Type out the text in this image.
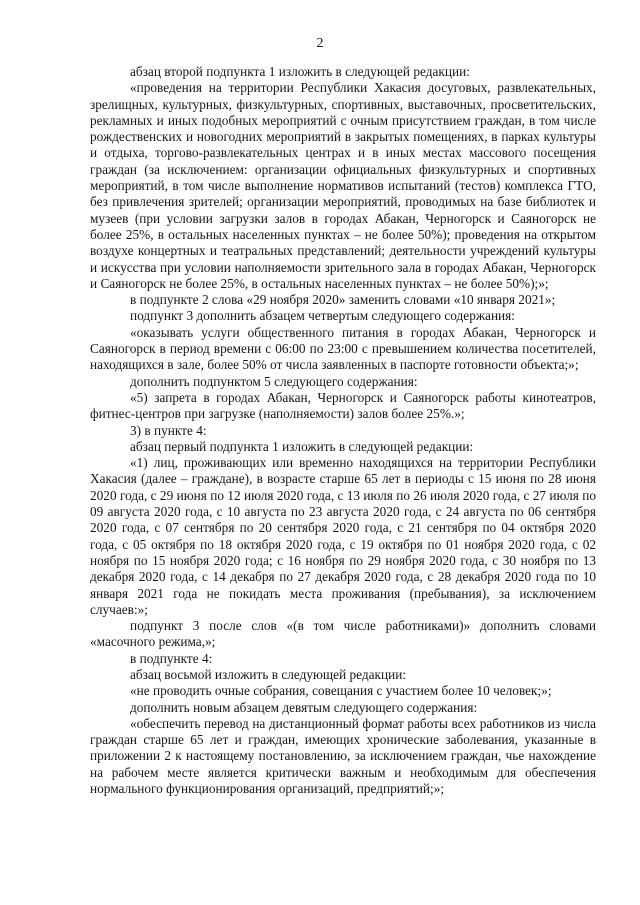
2

абзац второй подпункта 1 изложить в следующей редакции:

«проведения на территории Республики Хакасия досуговых, развлекательных, зрелищных, культурных, физкультурных, спортивных, выставочных, просветительских, рекламных и иных подобных мероприятий с очным присутствием граждан, в том числе рождественских и новогодних мероприятий в закрытых помещениях, в парках культуры и отдыха, торгово-развлекательных центрах и в иных местах массового посещения граждан (за исключением: организации официальных физкультурных и спортивных мероприятий, в том числе выполнение нормативов испытаний (тестов) комплекса ГТО, без привлечения зрителей; организации мероприятий, проводимых на базе библиотек и музеев (при условии загрузки залов в городах Абакан, Черногорск и Саяногорск не более 25%, в остальных населенных пунктах – не более 50%); проведения на открытом воздухе концертных и театральных представлений; деятельности учреждений культуры и искусства при условии наполняемости зрительного зала в городах Абакан, Черногорск и Саяногорск не более 25%, в остальных населенных пунктах – не более 50%);»;

в подпункте 2 слова «29 ноября 2020» заменить словами «10 января 2021»;

подпункт 3 дополнить абзацем четвертым следующего содержания:

«оказывать услуги общественного питания в городах Абакан, Черногорск и Саяногорск в период времени с 06:00 по 23:00 с превышением количества посетителей, находящихся в зале, более 50% от числа заявленных в паспорте готовности объекта;»;

дополнить подпунктом 5 следующего содержания:

«5) запрета в городах Абакан, Черногорск и Саяногорск работы кинотеатров, фитнес-центров при загрузке (наполняемости) залов более 25%.»;

3) в пункте 4:

абзац первый подпункта 1 изложить в следующей редакции:

«1) лиц, проживающих или временно находящихся на территории Республики Хакасия (далее – граждане), в возрасте старше 65 лет в периоды с 15 июня по 28 июня 2020 года, с 29 июня по 12 июля 2020 года, с 13 июля по 26 июля 2020 года, с 27 июля по 09 августа 2020 года, с 10 августа по 23 августа 2020 года, с 24 августа по 06 сентября 2020 года, с 07 сентября по 20 сентября 2020 года, с 21 сентября по 04 октября 2020 года, с 05 октября по 18 октября 2020 года, с 19 октября по 01 ноября 2020 года, с 02 ноября по 15 ноября 2020 года; с 16 ноября по 29 ноября 2020 года, с 30 ноября по 13 декабря 2020 года, с 14 декабря по 27 декабря 2020 года, с 28 декабря 2020 года по 10 января 2021 года не покидать места проживания (пребывания), за исключением случаев:»;

подпункт 3 после слов «(в том числе работниками)» дополнить словами «масочного режима,»;

в подпункте 4:

абзац восьмой изложить в следующей редакции:

«не проводить очные собрания, совещания с участием более 10 человек;»;

дополнить новым абзацем девятым следующего содержания:

«обеспечить перевод на дистанционный формат работы всех работников из числа граждан старше 65 лет и граждан, имеющих хронические заболевания, указанные в приложении 2 к настоящему постановлению, за исключением граждан, чье нахождение на рабочем месте является критически важным и необходимым для обеспечения нормального функционирования организаций, предприятий;»;
